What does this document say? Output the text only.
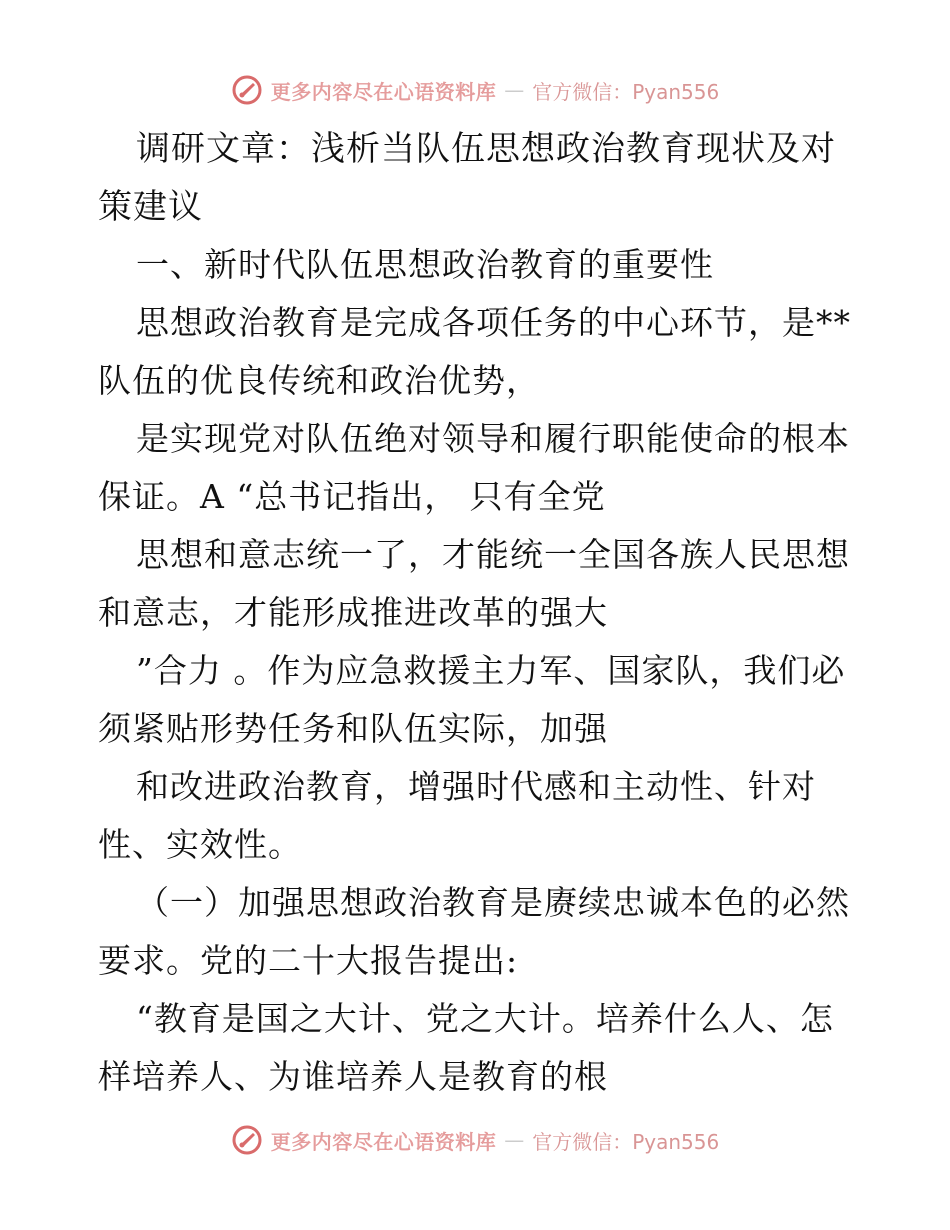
更多内容尽在心语资料库 — 官方微信：Pyan556

调研文章：浅析当队伍思想政治教育现状及对策建议

一、新时代队伍思想政治教育的重要性

思想政治教育是完成各项任务的中心环节，是**队伍的优良传统和政治优势，

是实现党对队伍绝对领导和履行职能使命的根本保证。A “总书记指出， 只有全党

思想和意志统一了，才能统一全国各族人民思想和意志，才能形成推进改革的强大

”合力 。作为应急救援主力军、国家队，我们必须紧贴形势任务和队伍实际，加强

和改进政治教育，增强时代感和主动性、针对性、实效性。

（一）加强思想政治教育是赓续忠诚本色的必然要求。党的二十大报告提出:

“教育是国之大计、党之大计。培养什么人、怎样培养人、为谁培养人是教育的根

更多内容尽在心语资料库 — 官方微信：Pyan556
